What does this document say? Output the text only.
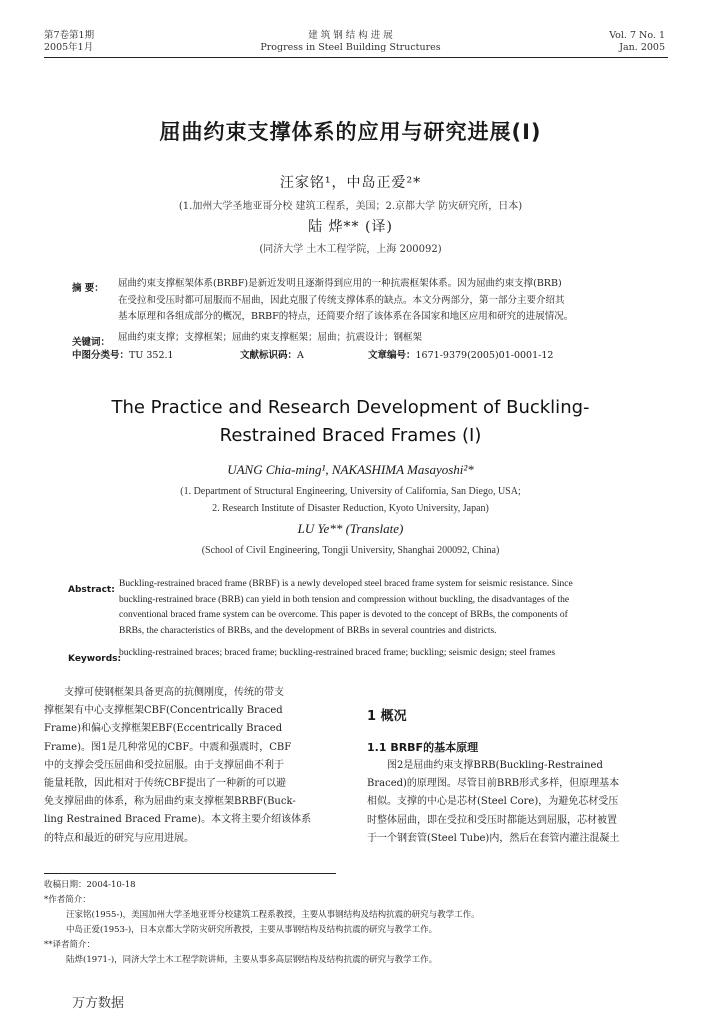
第7卷第1期
2005年1月
建 筑 钢 结 构 进 展
Progress in Steel Building Structures
Vol. 7 No. 1
Jan. 2005
屈曲约束支撑体系的应用与研究进展(Ⅰ)
汪家铭¹，中岛正爱²*
(1.加州大学圣地亚哥分校 建筑工程系，美国；2.京都大学 防灾研究所，日本)
陆 烨** (译)
(同济大学 土木工程学院，上海 200092)
摘 要： 屈曲约束支撑框架体系(BRBF)是新近发明且逐渐得到应用的一种抗震框架体系。因为屈曲约束支撑(BRB)
在受拉和受压时都可屈服而不屈曲，因此克服了传统支撑体系的缺点。本文分两部分，第一部分主要介绍其
基本原理和各组成部分的概况，BRBF的特点，还简要介绍了该体系在各国家和地区应用和研究的进展情况。
关键词： 屈曲约束支撑；支撑框架；屈曲约束支撑框架；屈曲；抗震设计；钢框架
中图分类号：TU 352.1	文献标识码：A	文章编号：1671-9379(2005)01-0001-12
The Practice and Research Development of Buckling-
Restrained Braced Frames (I)
UANG Chia-ming¹, NAKASHIMA Masayoshi²*
(1. Department of Structural Engineering, University of California, San Diego, USA;
2. Research Institute of Disaster Reduction, Kyoto University, Japan)
LU Ye** (Translate)
(School of Civil Engineering, Tongji University, Shanghai 200092, China)
Abstract:
Buckling-restrained braced frame (BRBF) is a newly developed steel braced frame system for seismic resistance. Since
buckling-restrained brace (BRB) can yield in both tension and compression without buckling, the disadvantages of the
conventional braced frame system can be overcome. This paper is devoted to the concept of BRBs, the components of
BRBs, the characteristics of BRBs, and the development of BRBs in several countries and districts.
Keywords:
buckling-restrained braces; braced frame; buckling-restrained braced frame; buckling; seismic design; steel frames
支撑可使钢框架具备更高的抗侧刚度，传统的带支
撑框架有中心支撑框架CBF(Concentrically Braced
Frame)和偏心支撑框架EBF(Eccentrically Braced
Frame)。图1是几种常见的CBF。中震和强震时，CBF
中的支撑会受压屈曲和受拉屈服。由于支撑屈曲不利于
能量耗散，因此相对于传统CBF提出了一种新的可以避
免支撑屈曲的体系，称为屈曲约束支撑框架BRBF(Buck-
ling Restrained Braced Frame)。本文将主要介绍该体系
的特点和最近的研究与应用进展。
1 概况
1.1 BRBF的基本原理
图2是屈曲约束支撑BRB(Buckling-Restrained
Braced)的原理图。尽管目前BRB形式多样，但原理基本
相似。支撑的中心是芯材(Steel Core)，为避免芯材受压
时整体屈曲，即在受拉和受压时都能达到屈服，芯材被置
于一个钢套管(Steel Tube)内，然后在套管内灌注混凝土
收稿日期：2004-10-18
*作者简介：
汪家铭(1955-)，美国加州大学圣地亚哥分校建筑工程系教授，主要从事钢结构及结构抗震的研究与教学工作。
中岛正爱(1953-)，日本京都大学防灾研究所教授，主要从事钢结构及结构抗震的研究与教学工作。
**译者简介：
陆烨(1971-)，同济大学土木工程学院讲师，主要从事多高层钢结构及结构抗震的研究与教学工作。
万方数据
